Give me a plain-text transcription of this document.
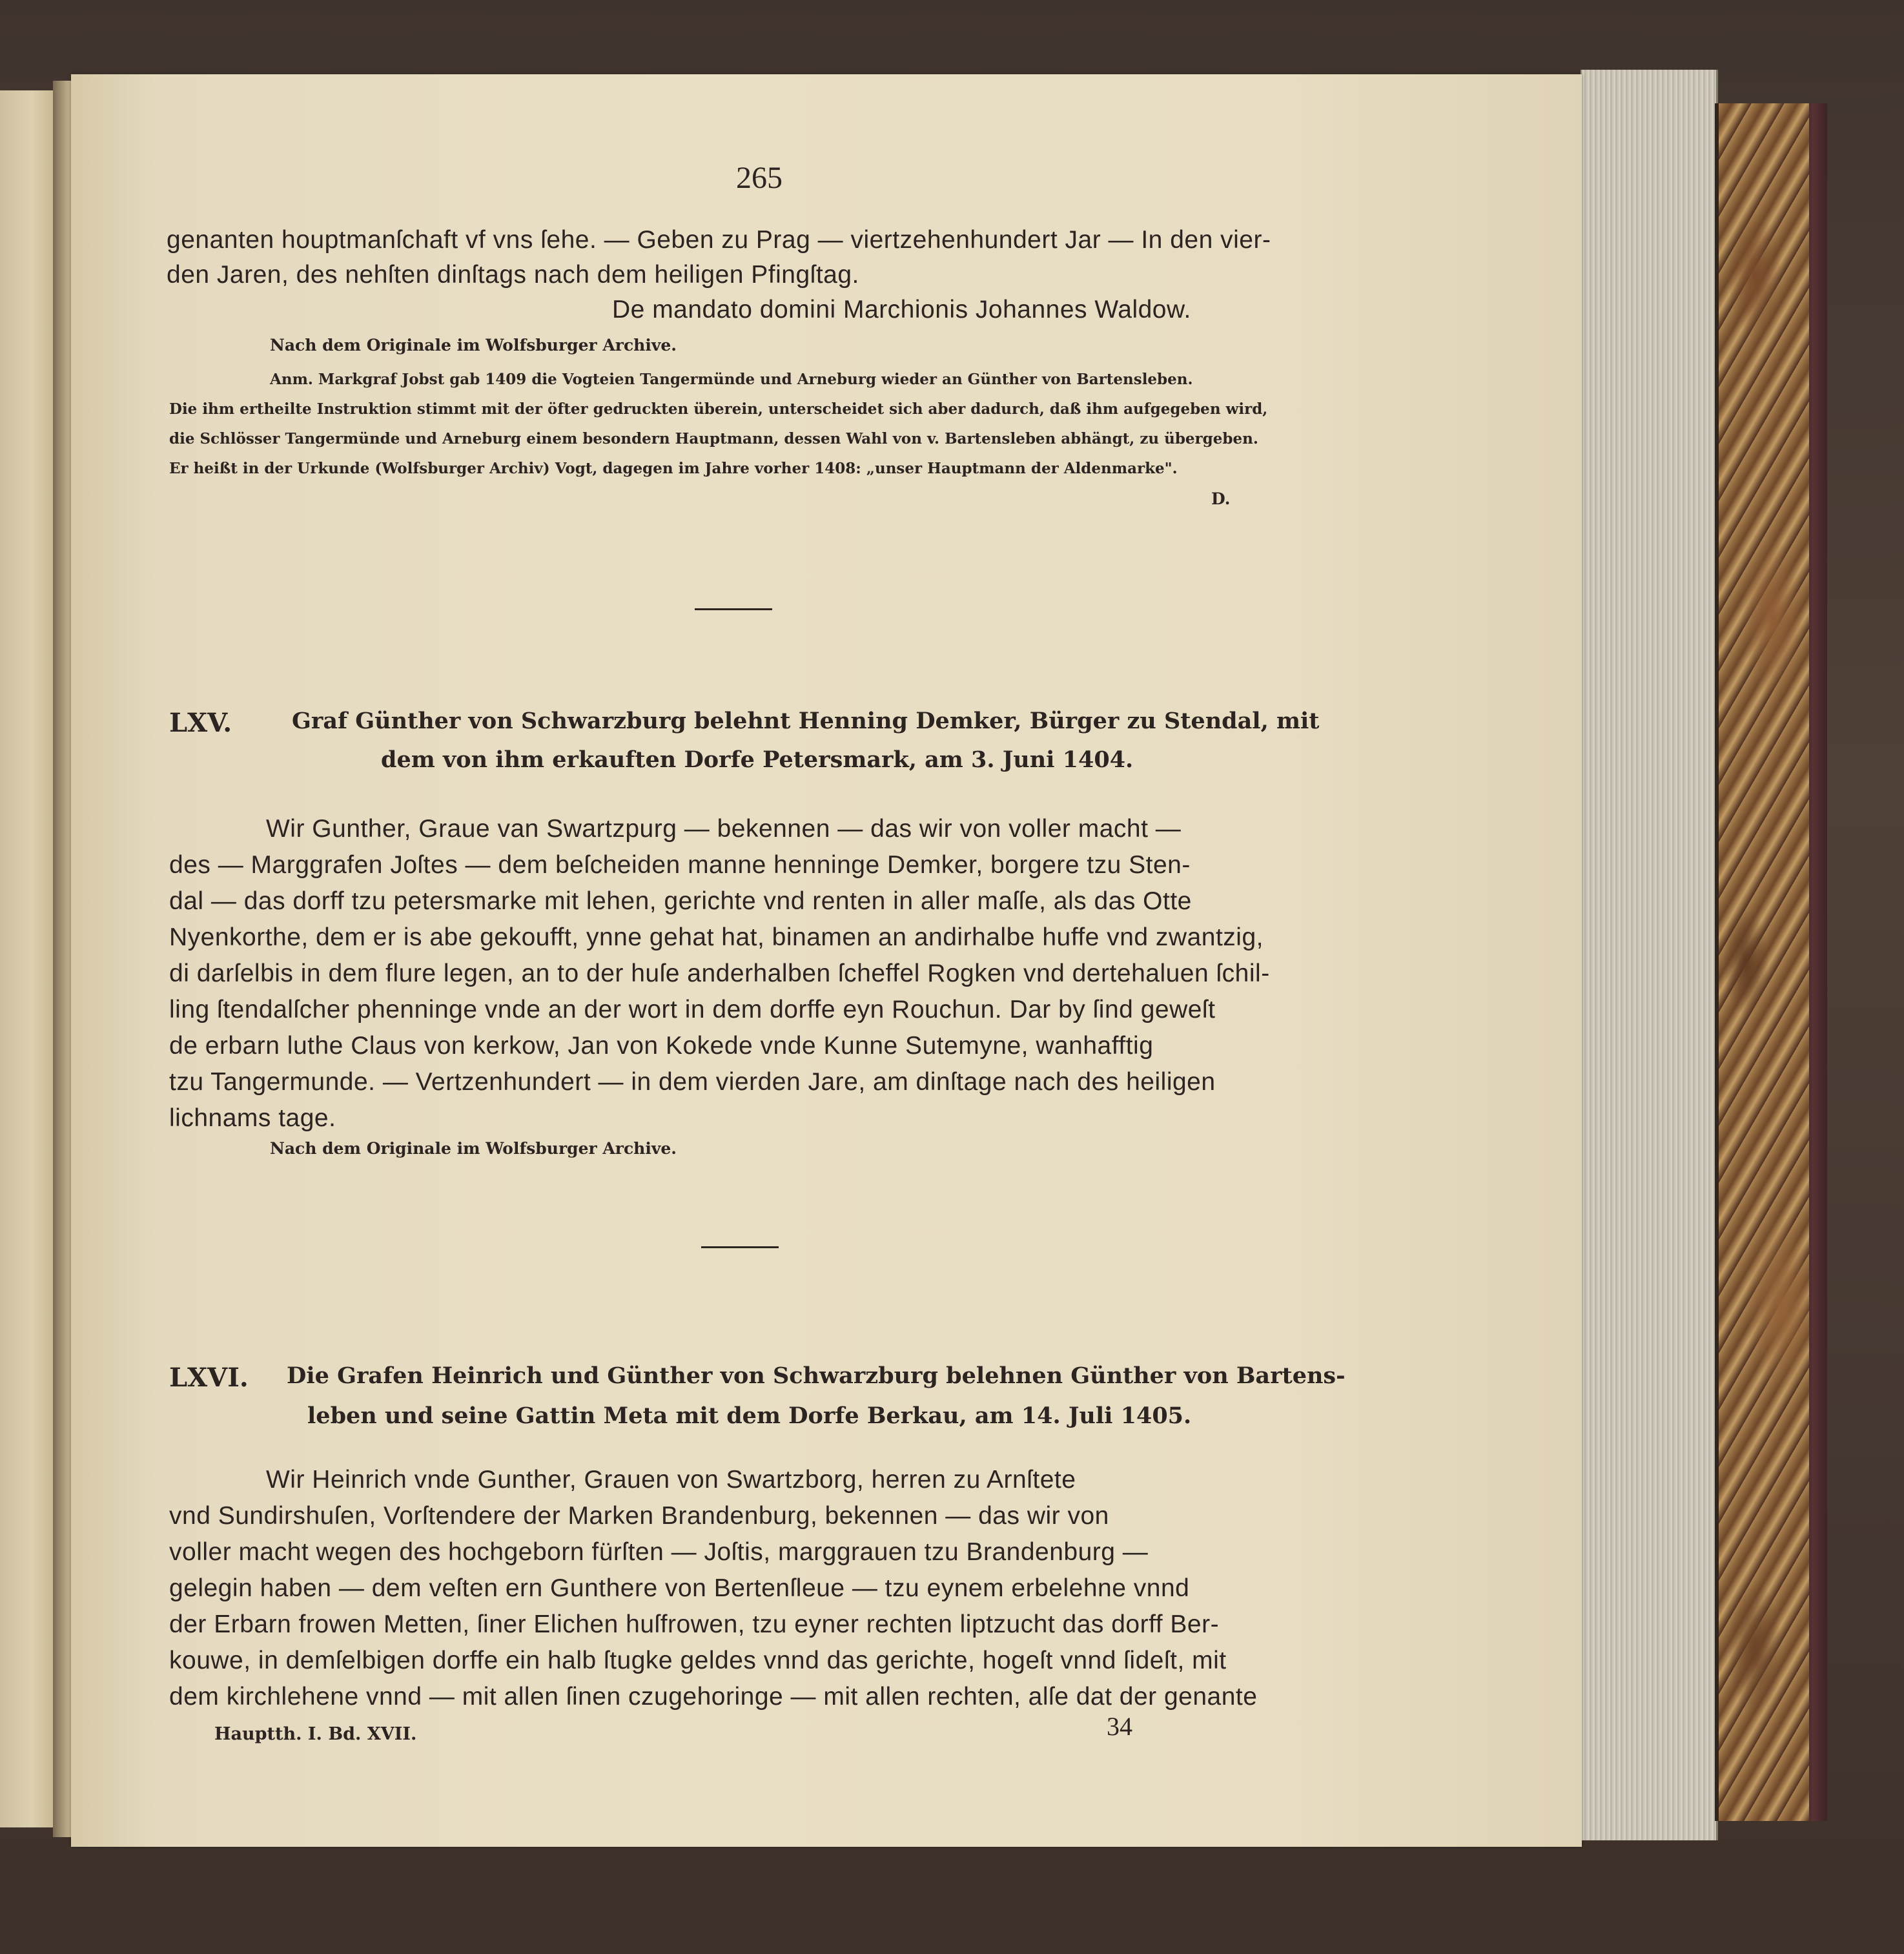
265
genanten houptmanſchaft vf vns ſehe. — Geben zu Prag — viertzehenhundert Jar — In den vier-
den Jaren, des nehſten dinſtags nach dem heiligen Pfingſtag.
De mandato domini Marchionis Johannes Waldow.
Nach dem Originale im Wolfsburger Archive.
Anm. Markgraf Jobst gab 1409 die Vogteien Tangermünde und Arneburg wieder an Günther von Bartensleben.
Die ihm ertheilte Instruktion stimmt mit der öfter gedruckten überein, unterscheidet sich aber dadurch, daß ihm aufgegeben wird,
die Schlösser Tangermünde und Arneburg einem besondern Hauptmann, dessen Wahl von v. Bartensleben abhängt, zu übergeben.
Er heißt in der Urkunde (Wolfsburger Archiv) Vogt, dagegen im Jahre vorher 1408: „unser Hauptmann der Aldenmarke".
D.
LXV.	Graf Günther von Schwarzburg belehnt Henning Demker, Bürger zu Stendal, mit
dem von ihm erkauften Dorfe Petersmark, am 3. Juni 1404.
Wir Gunther, Graue van Swartzpurg — bekennen — das wir von voller macht —
des — Marggrafen Joſtes — dem beſcheiden manne henninge Demker, borgere tzu Sten-
dal — das dorff tzu petersmarke mit lehen, gerichte vnd renten in aller maſſe, als das Otte
Nyenkorthe, dem er is abe gekoufft, ynne gehat hat, binamen an andirhalbe huffe vnd zwantzig,
di darſelbis in dem flure legen, an to der huſe anderhalben ſcheffel Rogken vnd dertehaluen ſchil-
ling ſtendalſcher phenninge vnde an der wort in dem dorffe eyn Rouchun. Dar by ſind geweſt
de erbarn luthe Claus von kerkow, Jan von Kokede vnde Kunne Sutemyne, wanhafftig
tzu Tangermunde. — Vertzenhundert — in dem vierden Jare, am dinſtage nach des heiligen
lichnams tage.
Nach dem Originale im Wolfsburger Archive.
LXVI. Die Grafen Heinrich und Günther von Schwarzburg belehnen Günther von Bartens-
leben und seine Gattin Meta mit dem Dorfe Berkau, am 14. Juli 1405.
Wir Heinrich vnde Gunther, Grauen von Swartzborg, herren zu Arnſtete
vnd Sundirshuſen, Vorſtendere der Marken Brandenburg, bekennen — das wir von
voller macht wegen des hochgeborn fürſten — Joſtis, marggrauen tzu Brandenburg —
gelegin haben — dem veſten ern Gunthere von Bertenſleue — tzu eynem erbelehne vnnd
der Erbarn frowen Metten, ſiner Elichen huſfrowen, tzu eyner rechten liptzucht das dorff Ber-
kouwe, in demſelbigen dorffe ein halb ſtugke geldes vnnd das gerichte, hogeſt vnnd ſideſt, mit
dem kirchlehene vnnd — mit allen ſinen czugehoringe — mit allen rechten, alſe dat der genante
Hauptth. I. Bd. XVII.	34
